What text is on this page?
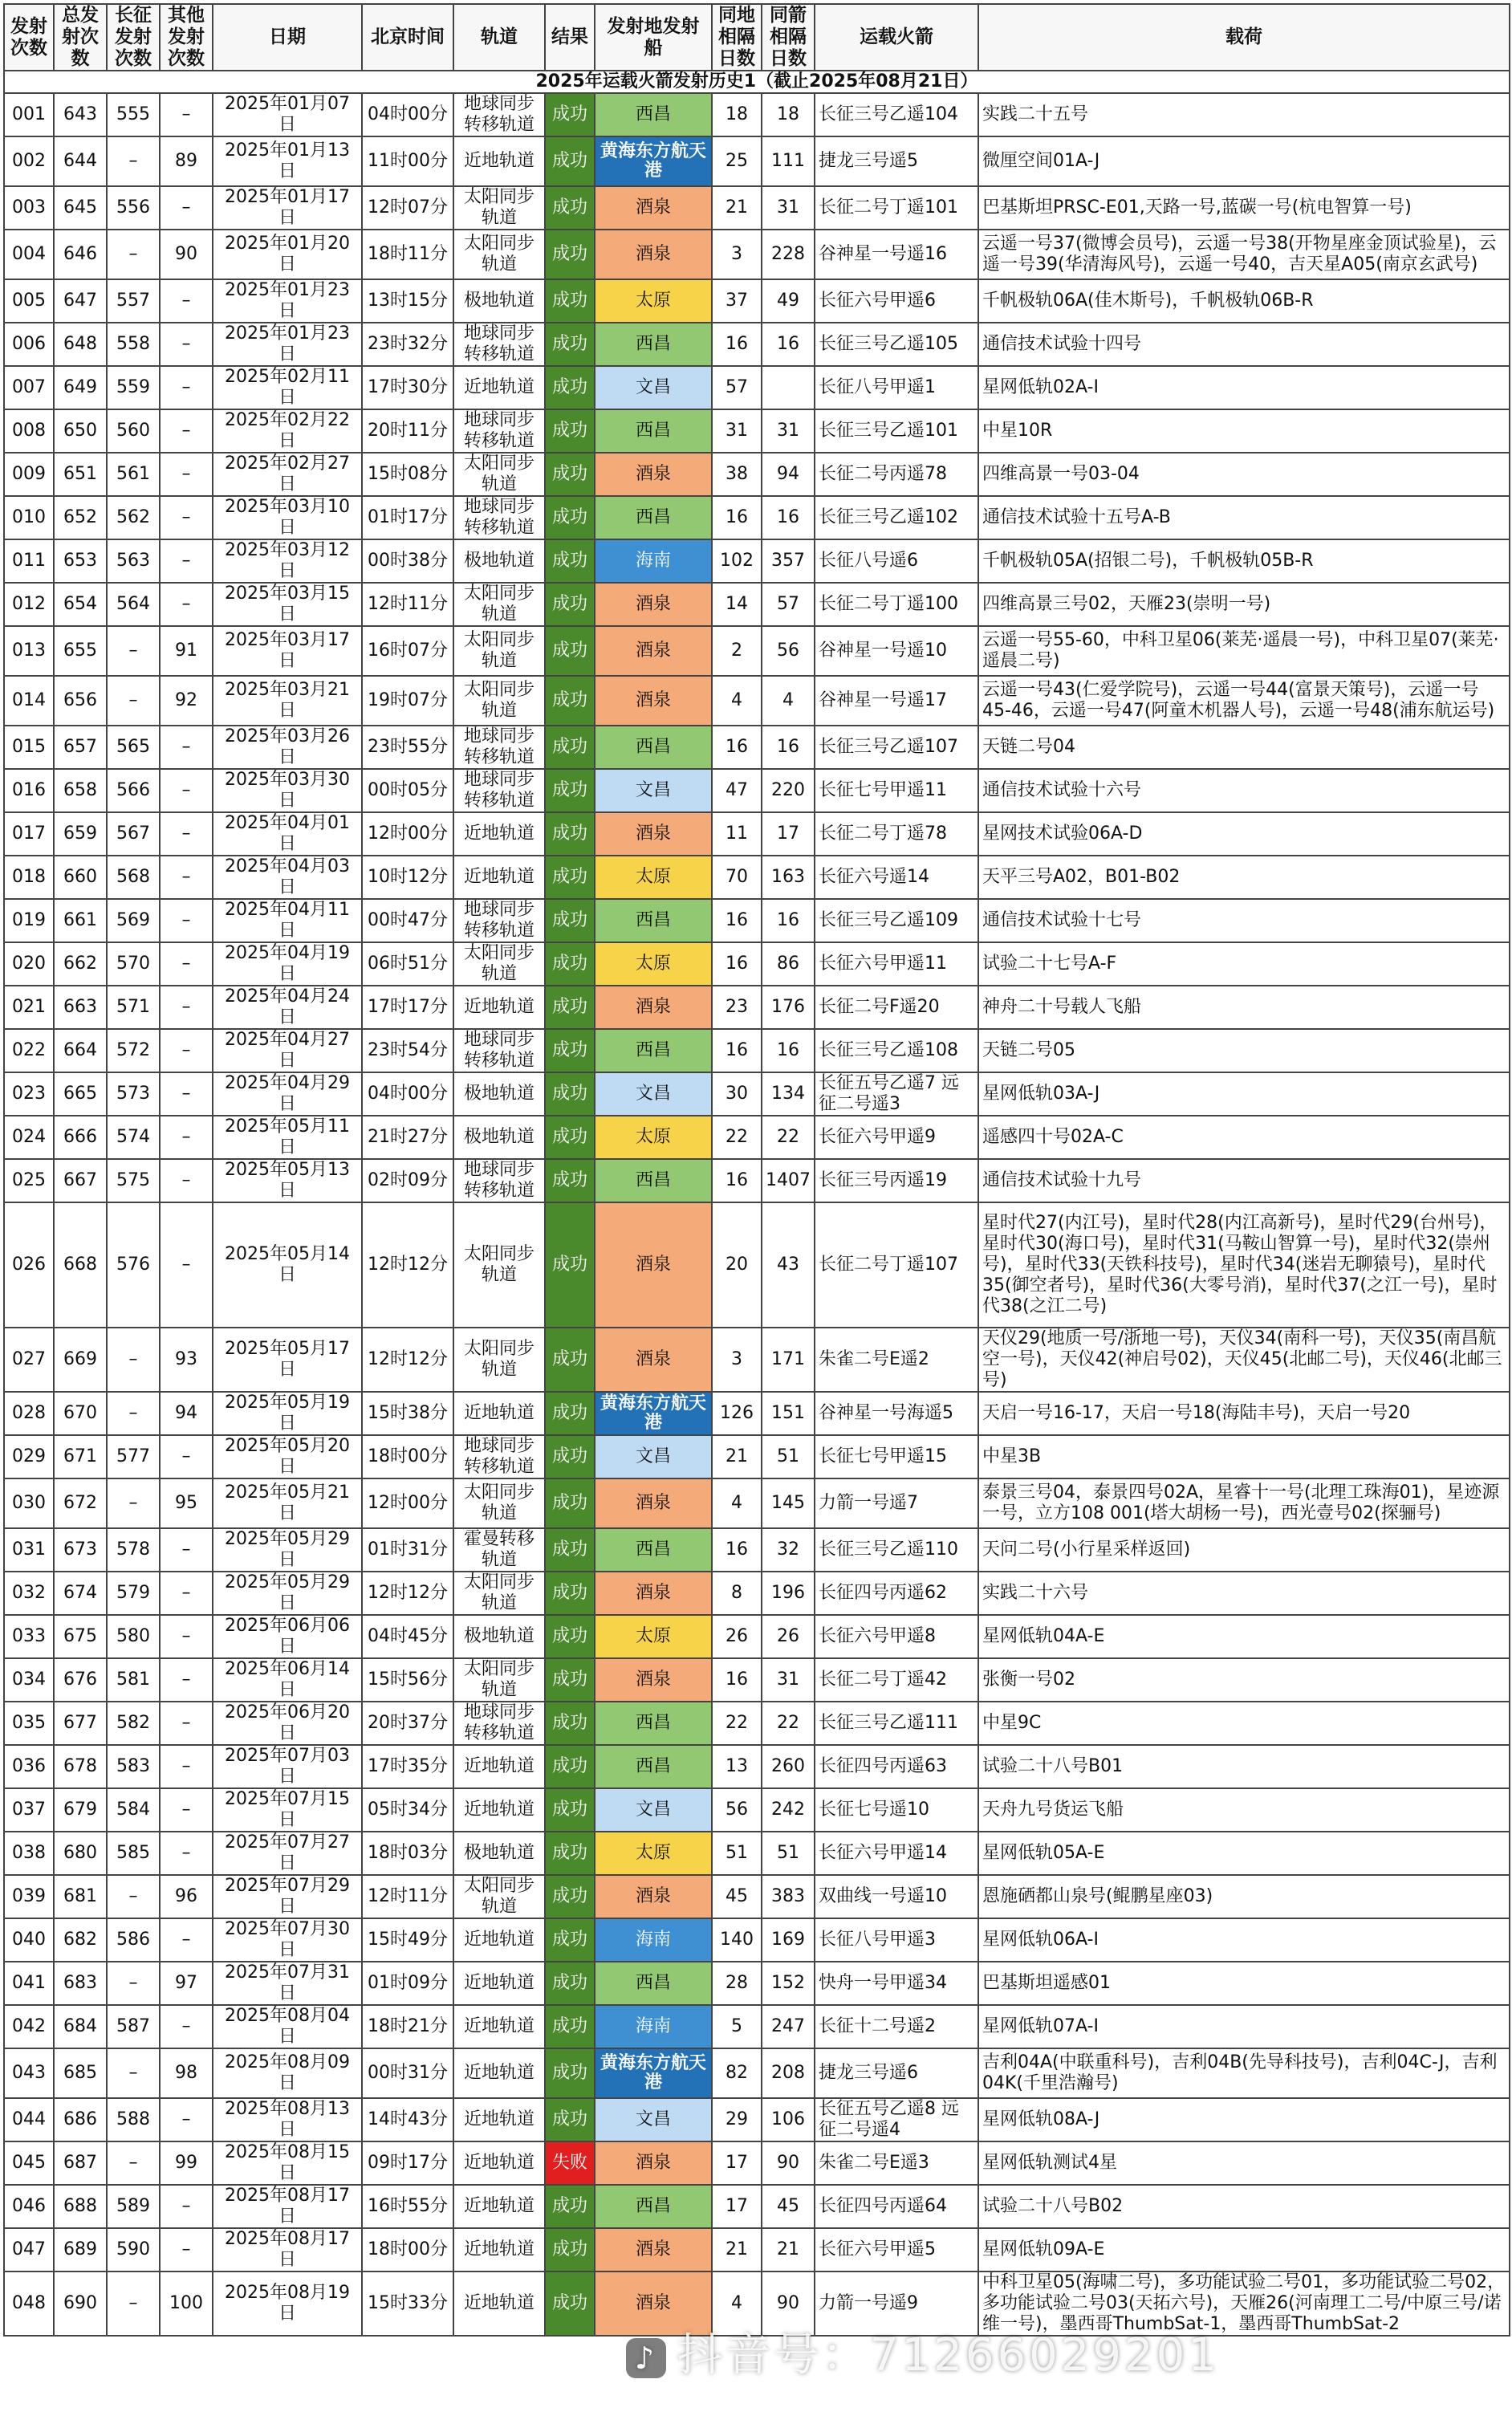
2025年运载火箭发射历史1（截止2025年08月21日）												
发射次数	总发射次数	长征发射次数	其他发射次数	日期	北京时间	轨道	结果	发射地发射船	同地相隔日数	同箭相隔日数	运载火箭	载荷
001	643	555	–	2025年01月07日	04时00分	地球同步转移轨道	成功	西昌	18	18	长征三号乙遥104	实践二十五号
002	644	–	89	2025年01月13日	11时00分	近地轨道	成功	黄海东方航天港	25	111	捷龙三号遥5	微厘空间01A-J
003	645	556	–	2025年01月17日	12时07分	太阳同步轨道	成功	酒泉	21	31	长征二号丁遥101	巴基斯坦PRSC-E01,天路一号,蓝碳一号(杭电智算一号)
004	646	–	90	2025年01月20日	18时11分	太阳同步轨道	成功	酒泉	3	228	谷神星一号遥16	云遥一号37(微博会员号)，云遥一号38(开物星座金顶试验星)，云遥一号39(华清海风号)，云遥一号40，吉天星A05(南京玄武号)
005	647	557	–	2025年01月23日	13时15分	极地轨道	成功	太原	37	49	长征六号甲遥6	千帆极轨06A(佳木斯号)，千帆极轨06B-R
006	648	558	–	2025年01月23日	23时32分	地球同步转移轨道	成功	西昌	16	16	长征三号乙遥105	通信技术试验十四号
007	649	559	–	2025年02月11日	17时30分	近地轨道	成功	文昌	57		长征八号甲遥1	星网低轨02A-I
008	650	560	–	2025年02月22日	20时11分	地球同步转移轨道	成功	西昌	31	31	长征三号乙遥101	中星10R
009	651	561	–	2025年02月27日	15时08分	太阳同步轨道	成功	酒泉	38	94	长征二号丙遥78	四维高景一号03-04
010	652	562	–	2025年03月10日	01时17分	地球同步转移轨道	成功	西昌	16	16	长征三号乙遥102	通信技术试验十五号A-B
011	653	563	–	2025年03月12日	00时38分	极地轨道	成功	海南	102	357	长征八号遥6	千帆极轨05A(招银二号)，千帆极轨05B-R
012	654	564	–	2025年03月15日	12时11分	太阳同步轨道	成功	酒泉	14	57	长征二号丁遥100	四维高景三号02，天雁23(崇明一号)
013	655	–	91	2025年03月17日	16时07分	太阳同步轨道	成功	酒泉	2	56	谷神星一号遥10	云遥一号55-60，中科卫星06(莱芜·遥晨一号)，中科卫星07(莱芜·遥晨二号)
014	656	–	92	2025年03月21日	19时07分	太阳同步轨道	成功	酒泉	4	4	谷神星一号遥17	云遥一号43(仁爱学院号)，云遥一号44(富景天策号)，云遥一号45-46，云遥一号47(阿童木机器人号)，云遥一号48(浦东航运号)
015	657	565	–	2025年03月26日	23时55分	地球同步转移轨道	成功	西昌	16	16	长征三号乙遥107	天链二号04
016	658	566	–	2025年03月30日	00时05分	地球同步转移轨道	成功	文昌	47	220	长征七号甲遥11	通信技术试验十六号
017	659	567	–	2025年04月01日	12时00分	近地轨道	成功	酒泉	11	17	长征二号丁遥78	星网技术试验06A-D
018	660	568	–	2025年04月03日	10时12分	近地轨道	成功	太原	70	163	长征六号遥14	天平三号A02，B01-B02
019	661	569	–	2025年04月11日	00时47分	地球同步转移轨道	成功	西昌	16	16	长征三号乙遥109	通信技术试验十七号
020	662	570	–	2025年04月19日	06时51分	太阳同步轨道	成功	太原	16	86	长征六号甲遥11	试验二十七号A-F
021	663	571	–	2025年04月24日	17时17分	近地轨道	成功	酒泉	23	176	长征二号F遥20	神舟二十号载人飞船
022	664	572	–	2025年04月27日	23时54分	地球同步转移轨道	成功	西昌	16	16	长征三号乙遥108	天链二号05
023	665	573	–	2025年04月29日	04时00分	极地轨道	成功	文昌	30	134	长征五号乙遥7 远征二号遥3	星网低轨03A-J
024	666	574	–	2025年05月11日	21时27分	极地轨道	成功	太原	22	22	长征六号甲遥9	遥感四十号02A-C
025	667	575	–	2025年05月13日	02时09分	地球同步转移轨道	成功	西昌	16	1407	长征三号丙遥19	通信技术试验十九号
026	668	576	–	2025年05月14日	12时12分	太阳同步轨道	成功	酒泉	20	43	长征二号丁遥107	星时代27(内江号)，星时代28(内江高新号)，星时代29(台州号)，星时代30(海口号)，星时代31(马鞍山智算一号)，星时代32(崇州号)，星时代33(天铁科技号)，星时代34(迷岩无聊猿号)，星时代35(御空者号)，星时代36(大零号消)，星时代37(之江一号)，星时代38(之江二号)
027	669	–	93	2025年05月17日	12时12分	太阳同步轨道	成功	酒泉	3	171	朱雀二号E遥2	天仪29(地质一号/浙地一号)，天仪34(南科一号)，天仪35(南昌航空一号)，天仪42(神启号02)，天仪45(北邮二号)，天仪46(北邮三号)
028	670	–	94	2025年05月19日	15时38分	近地轨道	成功	黄海东方航天港	126	151	谷神星一号海遥5	天启一号16-17，天启一号18(海陆丰号)，天启一号20
029	671	577	–	2025年05月20日	18时00分	地球同步转移轨道	成功	文昌	21	51	长征七号甲遥15	中星3B
030	672	–	95	2025年05月21日	12时00分	太阳同步轨道	成功	酒泉	4	145	力箭一号遥7	泰景三号04，泰景四号02A，星睿十一号(北理工珠海01)，星迹源一号，立方108 001(塔大胡杨一号)，西光壹号02(探骊号)
031	673	578	–	2025年05月29日	01时31分	霍曼转移轨道	成功	西昌	16	32	长征三号乙遥110	天问二号(小行星采样返回)
032	674	579	–	2025年05月29日	12时12分	太阳同步轨道	成功	酒泉	8	196	长征四号丙遥62	实践二十六号
033	675	580	–	2025年06月06日	04时45分	极地轨道	成功	太原	26	26	长征六号甲遥8	星网低轨04A-E
034	676	581	–	2025年06月14日	15时56分	太阳同步轨道	成功	酒泉	16	31	长征二号丁遥42	张衡一号02
035	677	582	–	2025年06月20日	20时37分	地球同步转移轨道	成功	西昌	22	22	长征三号乙遥111	中星9C
036	678	583	–	2025年07月03日	17时35分	近地轨道	成功	西昌	13	260	长征四号丙遥63	试验二十八号B01
037	679	584	–	2025年07月15日	05时34分	近地轨道	成功	文昌	56	242	长征七号遥10	天舟九号货运飞船
038	680	585	–	2025年07月27日	18时03分	极地轨道	成功	太原	51	51	长征六号甲遥14	星网低轨05A-E
039	681	–	96	2025年07月29日	12时11分	太阳同步轨道	成功	酒泉	45	383	双曲线一号遥10	恩施硒都山泉号(鲲鹏星座03)
040	682	586	–	2025年07月30日	15时49分	近地轨道	成功	海南	140	169	长征八号甲遥3	星网低轨06A-I
041	683	–	97	2025年07月31日	01时09分	近地轨道	成功	西昌	28	152	快舟一号甲遥34	巴基斯坦遥感01
042	684	587	–	2025年08月04日	18时21分	近地轨道	成功	海南	5	247	长征十二号遥2	星网低轨07A-I
043	685	–	98	2025年08月09日	00时31分	近地轨道	成功	黄海东方航天港	82	208	捷龙三号遥6	吉利04A(中联重科号)，吉利04B(先导科技号)，吉利04C-J，吉利04K(千里浩瀚号)
044	686	588	–	2025年08月13日	14时43分	近地轨道	成功	文昌	29	106	长征五号乙遥8 远征二号遥4	星网低轨08A-J
045	687	–	99	2025年08月15日	09时17分	近地轨道	失败	酒泉	17	90	朱雀二号E遥3	星网低轨测试4星
046	688	589	–	2025年08月17日	16时55分	近地轨道	成功	西昌	17	45	长征四号丙遥64	试验二十八号B02
047	689	590	–	2025年08月17日	18时00分	近地轨道	成功	酒泉	21	21	长征六号甲遥5	星网低轨09A-E
048	690	–	100	2025年08月19日	15时33分	近地轨道	成功	酒泉	4	90	力箭一号遥9	中科卫星05(海啸二号)，多功能试验二号01，多功能试验二号02，多功能试验二号03(天拓六号)，天雁26(河南理工二号/中原三号/诺维一号)，墨西哥ThumbSat-1，墨西哥ThumbSat-2
♪ 抖音号：71266029201
